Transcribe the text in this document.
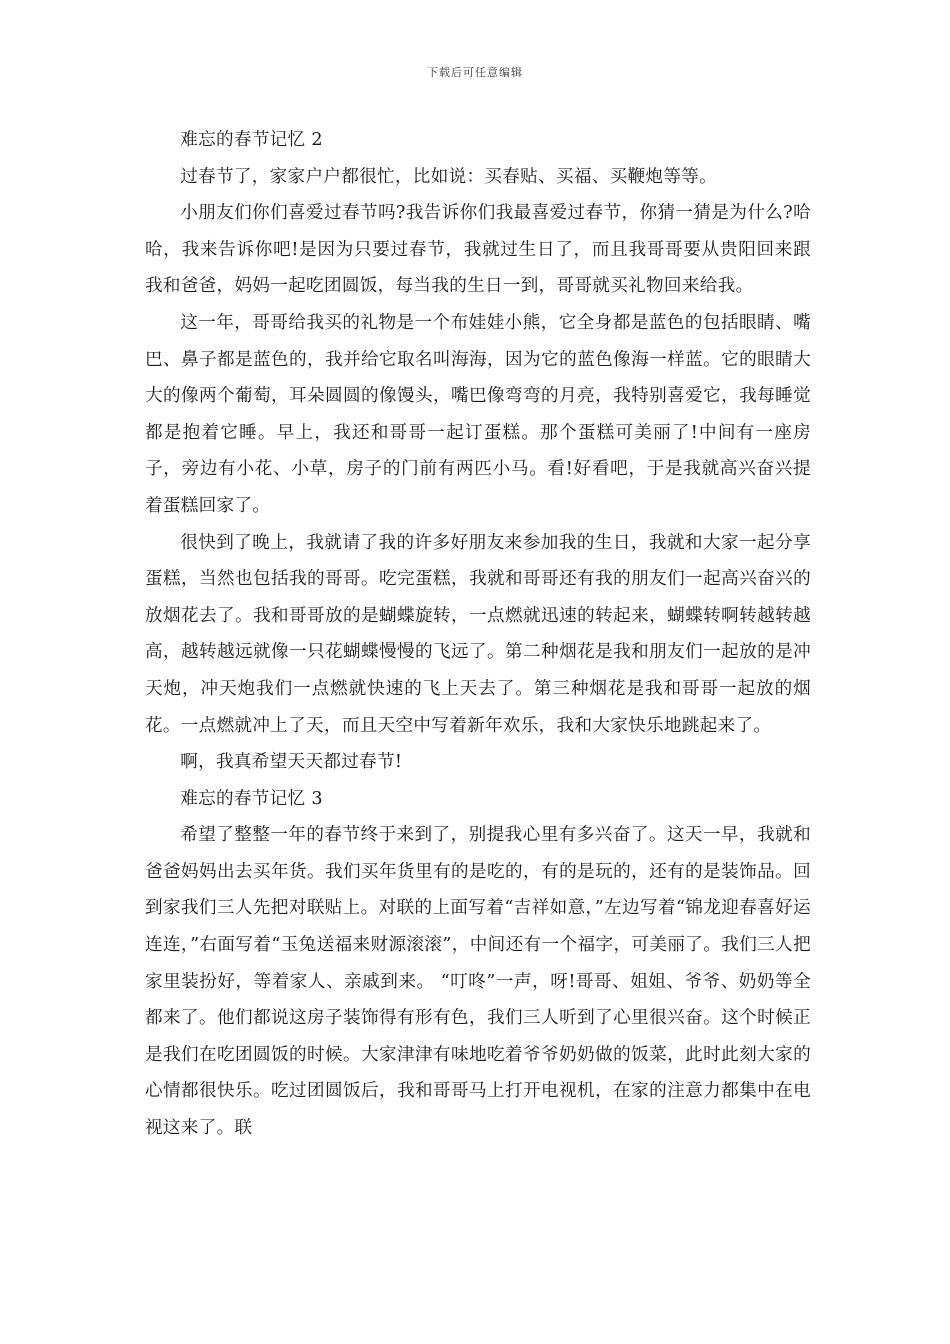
下载后可任意编辑

难忘的春节记忆 2

过春节了，家家户户都很忙，比如说：买春贴、买福、买鞭炮等等。

小朋友们你们喜爱过春节吗?我告诉你们我最喜爱过春节，你猜一猜是为什么?哈哈，我来告诉你吧!是因为只要过春节，我就过生日了，而且我哥哥要从贵阳回来跟我和爸爸，妈妈一起吃团圆饭，每当我的生日一到，哥哥就买礼物回来给我。

这一年，哥哥给我买的礼物是一个布娃娃小熊，它全身都是蓝色的包括眼睛、嘴巴、鼻子都是蓝色的，我并给它取名叫海海，因为它的蓝色像海一样蓝。它的眼睛大大的像两个葡萄，耳朵圆圆的像馒头，嘴巴像弯弯的月亮，我特别喜爱它，我每睡觉都是抱着它睡。早上，我还和哥哥一起订蛋糕。那个蛋糕可美丽了!中间有一座房子，旁边有小花、小草，房子的门前有两匹小马。看!好看吧，于是我就高兴奋兴提着蛋糕回家了。

很快到了晚上，我就请了我的许多好朋友来参加我的生日，我就和大家一起分享蛋糕，当然也包括我的哥哥。吃完蛋糕，我就和哥哥还有我的朋友们一起高兴奋兴的放烟花去了。我和哥哥放的是蝴蝶旋转，一点燃就迅速的转起来，蝴蝶转啊转越转越高，越转越远就像一只花蝴蝶慢慢的飞远了。第二种烟花是我和朋友们一起放的是冲天炮，冲天炮我们一点燃就快速的飞上天去了。第三种烟花是我和哥哥一起放的烟花。一点燃就冲上了天，而且天空中写着新年欢乐，我和大家快乐地跳起来了。

啊，我真希望天天都过春节!

难忘的春节记忆 3

希望了整整一年的春节终于来到了，别提我心里有多兴奋了。这天一早，我就和爸爸妈妈出去买年货。我们买年货里有的是吃的，有的是玩的，还有的是装饰品。回到家我们三人先把对联贴上。对联的上面写着“吉祥如意，”左边写着“锦龙迎春喜好运连连，”右面写着“玉兔送福来财源滚滚”，中间还有一个福字，可美丽了。我们三人把家里装扮好，等着家人、亲戚到来。 “叮咚”一声，呀!哥哥、姐姐、爷爷、奶奶等全都来了。他们都说这房子装饰得有形有色，我们三人听到了心里很兴奋。这个时候正是我们在吃团圆饭的时候。大家津津有味地吃着爷爷奶奶做的饭菜，此时此刻大家的心情都很快乐。吃过团圆饭后，我和哥哥马上打开电视机，在家的注意力都集中在电视这来了。联
